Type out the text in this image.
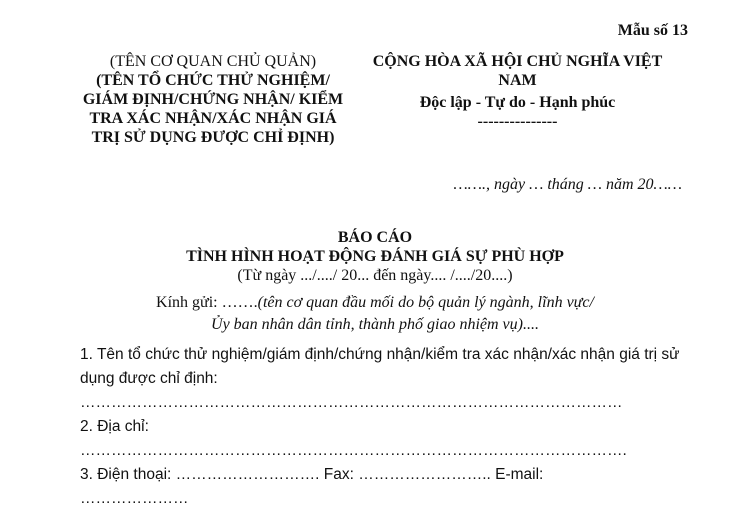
Mẫu số 13
(TÊN CƠ QUAN CHỦ QUẢN)
(TÊN TỔ CHỨC THỬ NGHIỆM/ GIÁM ĐỊNH/CHỨNG NHẬN/ KIỂM TRA XÁC NHẬN/XÁC NHẬN GIÁ TRỊ SỬ DỤNG ĐƯỢC CHỈ ĐỊNH)
CỘNG HÒA XÃ HỘI CHỦ NGHĨA VIỆT NAM
Độc lập - Tự do - Hạnh phúc
---------------
……., ngày … tháng … năm 20……
BÁO CÁO
TÌNH HÌNH HOẠT ĐỘNG ĐÁNH GIÁ SỰ PHÙ HỢP
(Từ ngày .../..../ 20... đến ngày.... /..../20....)
Kính gửi: …….(tên cơ quan đầu mối do bộ quản lý ngành, lĩnh vực/
Ủy ban nhân dân tỉnh, thành phố giao nhiệm vụ)....
1. Tên tổ chức thử nghiệm/giám định/chứng nhận/kiểm tra xác nhận/xác nhận giá trị sử
dụng được chỉ định:
……………………………………………………………………………………………
2. Địa chỉ:
…………………………………………………………………………………………….
3. Điện thoại: ………………………. Fax: …………………….. E-mail:
…………………
